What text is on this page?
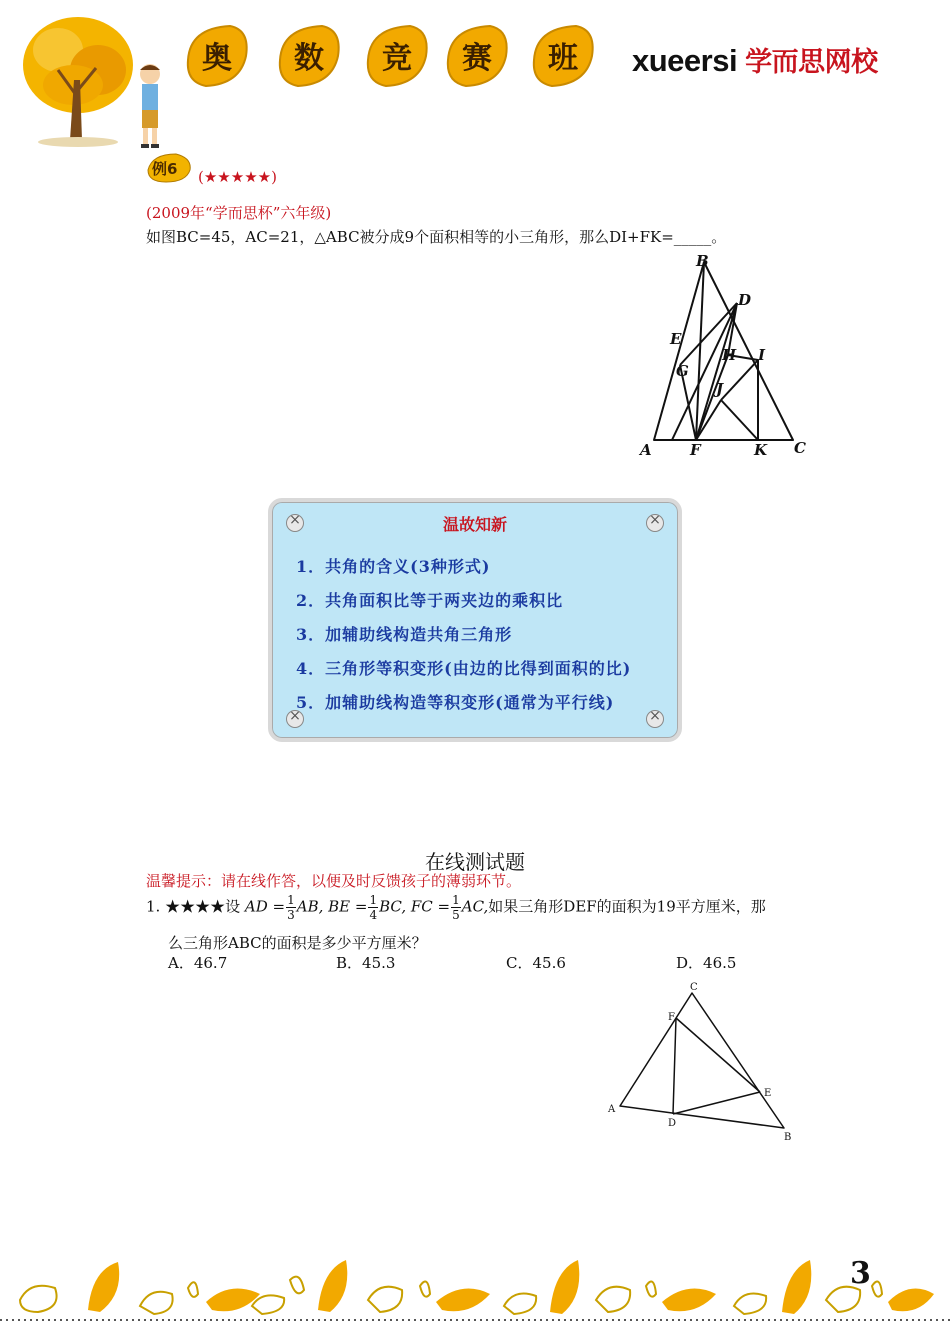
奥	数	竞	赛	班	xueersi 学而思网校
例6 (★★★★★)
(2009年“学而思杯”六年级)
如图BC=45，AC=21，△ABC被分成9个面积相等的小三角形，那么DI+FK=_____。
B
D
E
H I
G
J
A	F	K C
×
×
×
×
温故知新
1．共角的含义(3种形式)
2．共角面积比等于两夹边的乘积比
3．加辅助线构造共角三角形
4．三角形等积变形(由边的比得到面积的比)
5．加辅助线构造等积变形(通常为平行线)
在线测试题
温馨提示：请在线作答，以便及时反馈孩子的薄弱环节。
1. ★★★★设 AD = $\frac{1}{3}$ AB, BE = $\frac{1}{4}$ BC, FC = $\frac{1}{5}$ AC,如果三角形DEF的面积为19平方厘米，那
么三角形ABC的面积是多少平方厘米？
A．46.7	B．45.3	C．45.6	D．46.5
C
F
E
A
D
B
3
